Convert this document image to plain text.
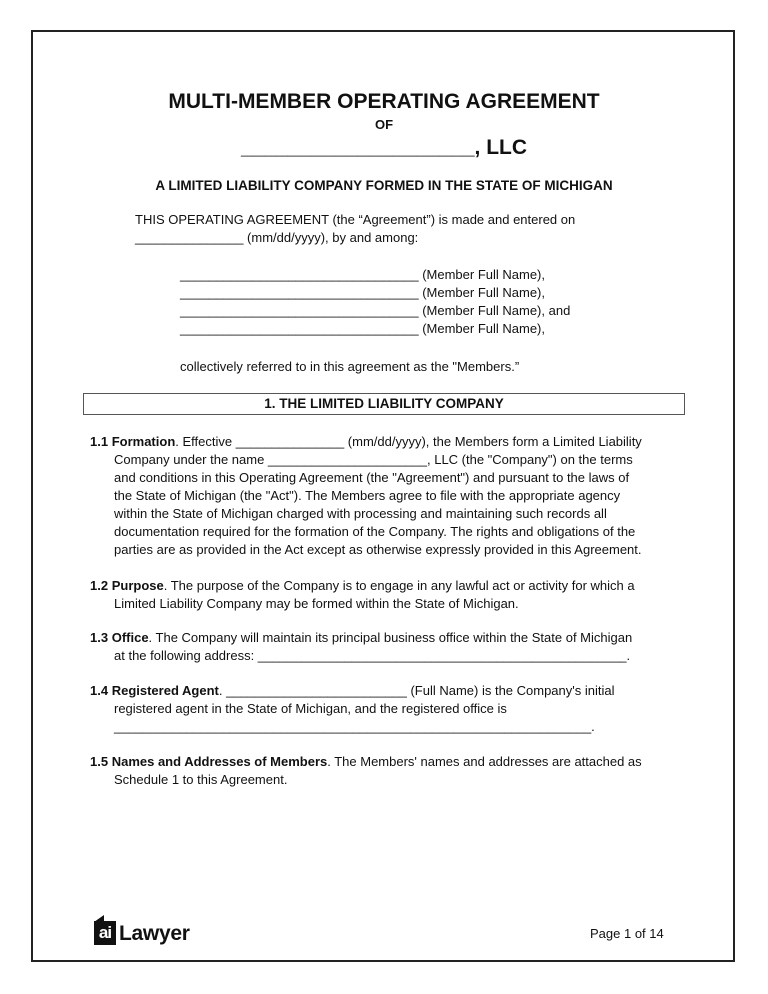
MULTI-MEMBER OPERATING AGREEMENT
OF
____________________, LLC
A LIMITED LIABILITY COMPANY FORMED IN THE STATE OF MICHIGAN
THIS OPERATING AGREEMENT (the “Agreement”) is made and entered on
_______________ (mm/dd/yyyy), by and among:
_________________________________ (Member Full Name),
_________________________________ (Member Full Name),
_________________________________ (Member Full Name), and
_________________________________ (Member Full Name),
collectively referred to in this agreement as the "Members.”
1. THE LIMITED LIABILITY COMPANY
1.1 Formation. Effective _______________ (mm/dd/yyyy), the Members form a Limited Liability
Company under the name ______________________, LLC (the "Company") on the terms
and conditions in this Operating Agreement (the "Agreement") and pursuant to the laws of
the State of Michigan (the "Act"). The Members agree to file with the appropriate agency
within the State of Michigan charged with processing and maintaining such records all
documentation required for the formation of the Company. The rights and obligations of the
parties are as provided in the Act except as otherwise expressly provided in this Agreement.
1.2 Purpose. The purpose of the Company is to engage in any lawful act or activity for which a
Limited Liability Company may be formed within the State of Michigan.
1.3 Office. The Company will maintain its principal business office within the State of Michigan
at the following address: ___________________________________________________.
1.4 Registered Agent. _________________________ (Full Name) is the Company's initial
registered agent in the State of Michigan, and the registered office is
__________________________________________________________________.
1.5 Names and Addresses of Members. The Members' names and addresses are attached as
Schedule 1 to this Agreement.
ai Lawyer	Page 1 of 14
